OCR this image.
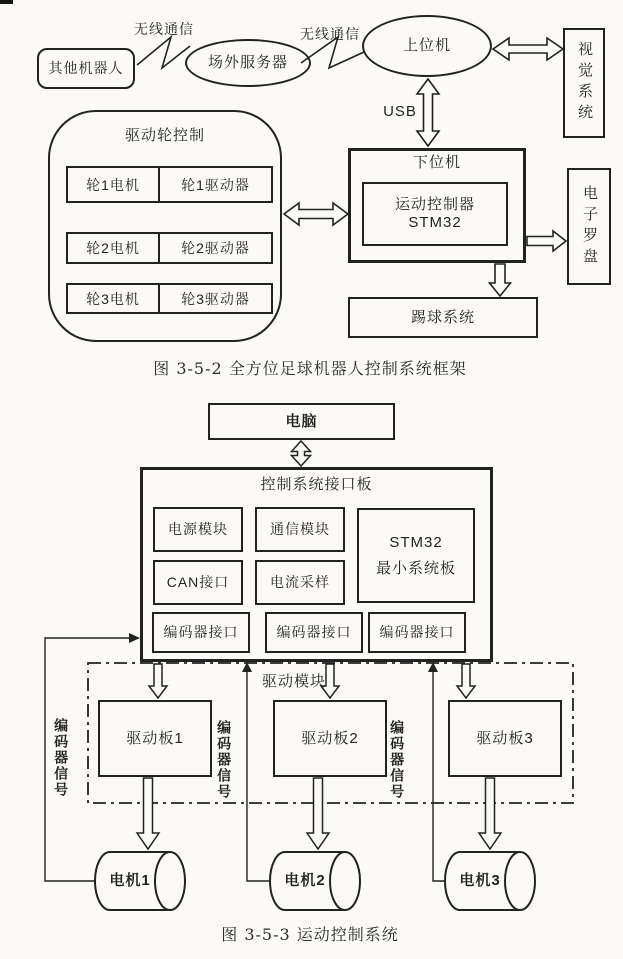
其他机器人
无线通信
场外服务器
无线通信
上位机	视觉系统
USB
驱动轮控制
轮1电机	轮1驱动器
轮2电机	轮2驱动器
轮3电机	轮3驱动器
下位机
运动控制器
STM32	电子罗盘
踢球系统
图 3-5-2 全方位足球机器人控制系统框架
电脑
控制系统接口板
电源模块	通信模块
STM32
最小系统板
CAN接口	电流采样
编码器接口	编码器接口	编码器接口
驱动模块
驱动板1	驱动板2	驱动板3
编码器信号	编码器信号	编码器信号
电机1	电机2	电机3
图 3-5-3 运动控制系统
